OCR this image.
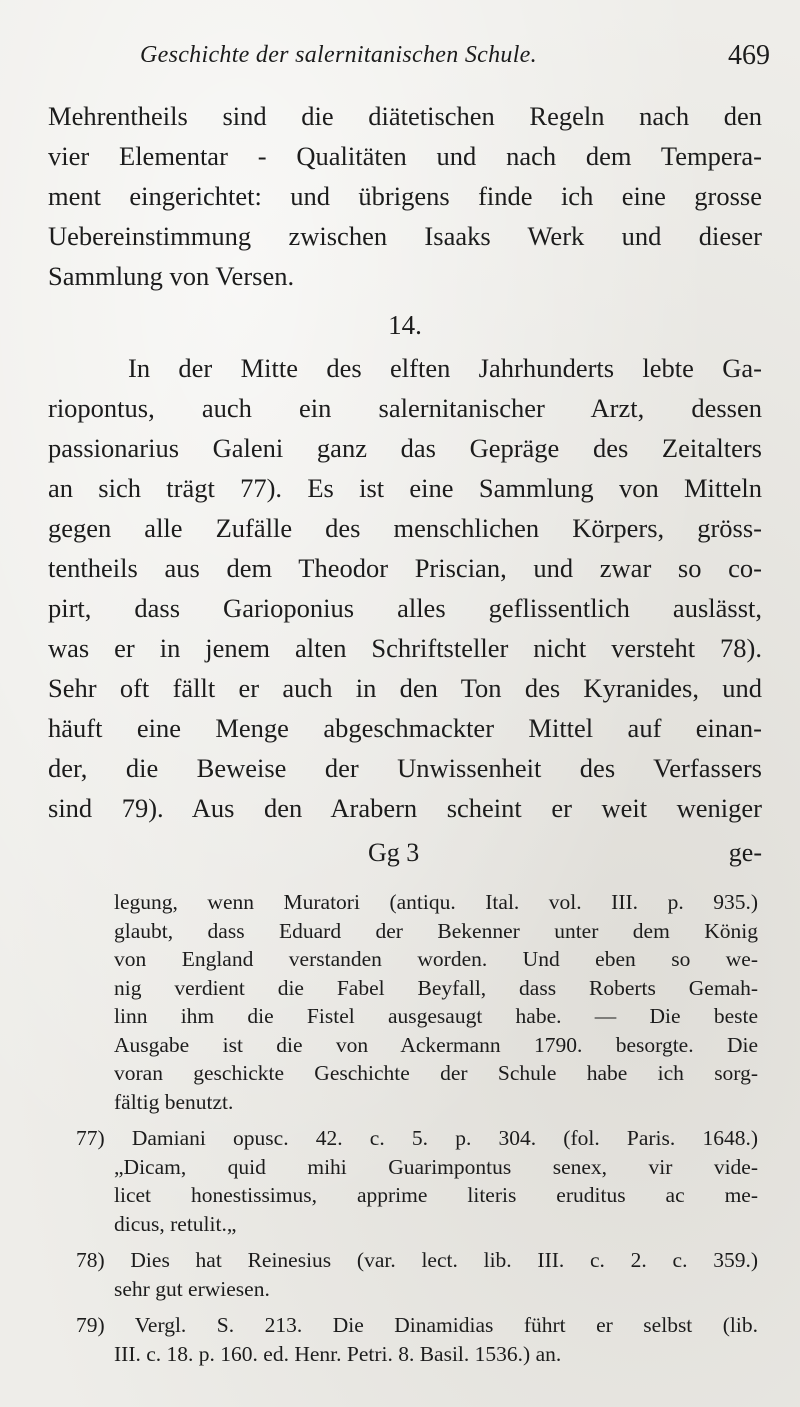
Geschichte der salernitanischen Schule.	469
Mehrentheils sind die diätetischen Regeln nach den
vier Elementar - Qualitäten und nach dem Tempera-
ment eingerichtet: und übrigens finde ich eine grosse
Uebereinstimmung zwischen Isaaks Werk und dieser
Sammlung von Versen.
14.
In der Mitte des elften Jahrhunderts lebte Ga-
riopontus, auch ein salernitanischer Arzt, dessen
passionarius Galeni ganz das Gepräge des Zeitalters
an sich trägt 77). Es ist eine Sammlung von Mitteln
gegen alle Zufälle des menschlichen Körpers, gröss-
tentheils aus dem Theodor Priscian, und zwar so co-
pirt, dass Garioponius alles geflissentlich auslässt,
was er in jenem alten Schriftsteller nicht versteht 78).
Sehr oft fällt er auch in den Ton des Kyranides, und
häuft eine Menge abgeschmackter Mittel auf einan-
der, die Beweise der Unwissenheit des Verfassers
sind 79). Aus den Arabern scheint er weit weniger
Gg 3	ge-
legung, wenn Muratori (antiqu. Ital. vol. III. p. 935.)
glaubt, dass Eduard der Bekenner unter dem König
von England verstanden worden. Und eben so we-
nig verdient die Fabel Beyfall, dass Roberts Gemah-
linn ihm die Fistel ausgesaugt habe. — Die beste
Ausgabe ist die von Ackermann 1790. besorgte. Die
voran geschickte Geschichte der Schule habe ich sorg-
fältig benutzt.
77) Damiani opusc. 42. c. 5. p. 304. (fol. Paris. 1648.)
„Dicam, quid mihi Guarimpontus senex, vir vide-
licet honestissimus, apprime literis eruditus ac me-
dicus, retulit.„
78) Dies hat Reinesius (var. lect. lib. III. c. 2. c. 359.)
sehr gut erwiesen.
79) Vergl. S. 213. Die Dinamidias führt er selbst (lib.
III. c. 18. p. 160. ed. Henr. Petri. 8. Basil. 1536.) an.
